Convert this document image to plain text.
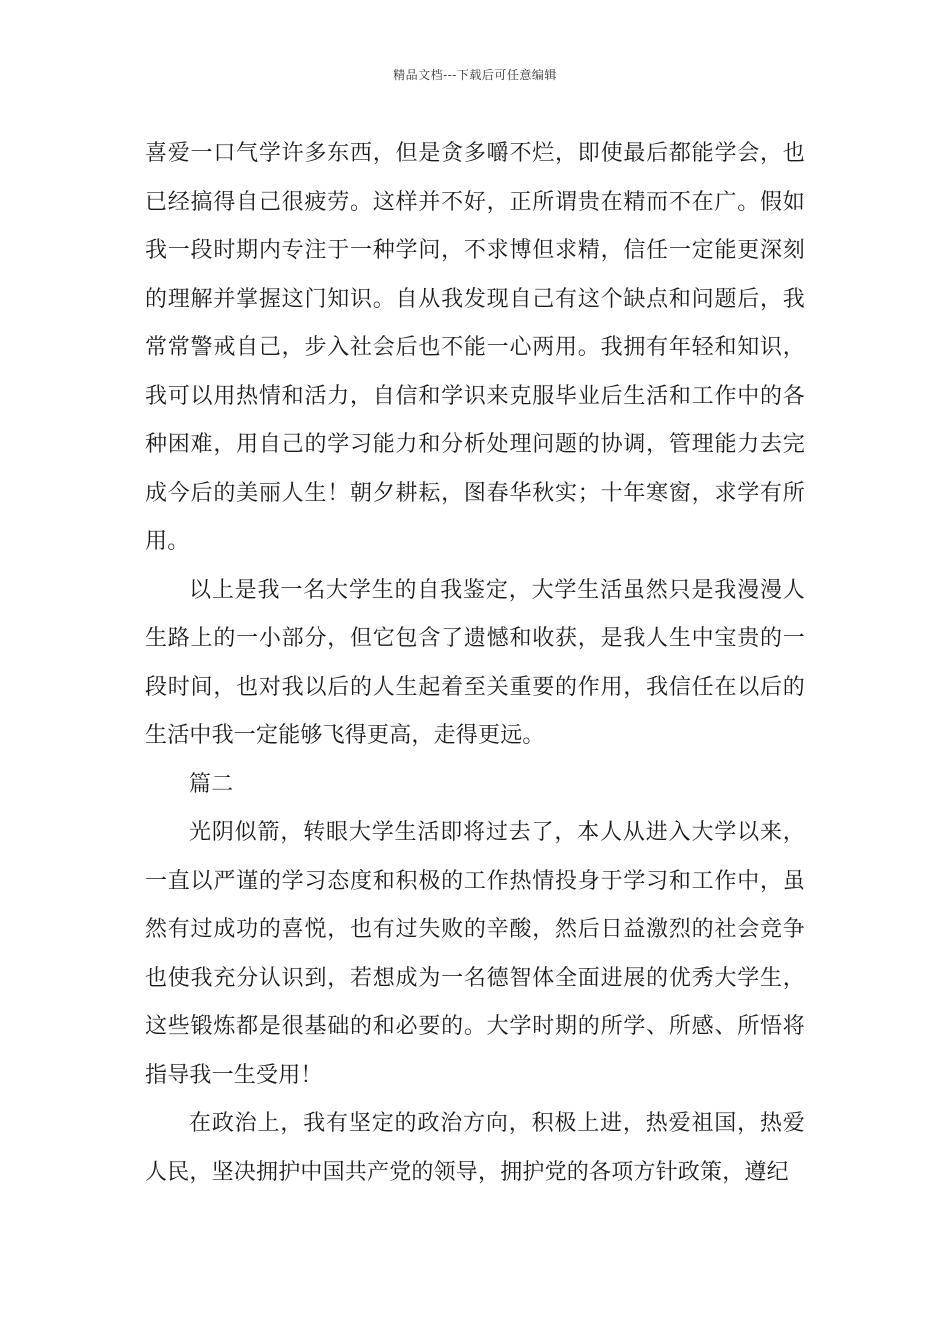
精品文档---下载后可任意编辑

喜爱一口气学许多东西，但是贪多嚼不烂，即使最后都能学会，也已经搞得自己很疲劳。这样并不好，正所谓贵在精而不在广。假如我一段时期内专注于一种学问，不求博但求精，信任一定能更深刻的理解并掌握这门知识。自从我发现自己有这个缺点和问题后，我常常警戒自己，步入社会后也不能一心两用。我拥有年轻和知识，我可以用热情和活力，自信和学识来克服毕业后生活和工作中的各种困难，用自己的学习能力和分析处理问题的协调，管理能力去完成今后的美丽人生！朝夕耕耘，图春华秋实；十年寒窗，求学有所用。

以上是我一名大学生的自我鉴定，大学生活虽然只是我漫漫人生路上的一小部分，但它包含了遗憾和收获，是我人生中宝贵的一段时间，也对我以后的人生起着至关重要的作用，我信任在以后的生活中我一定能够飞得更高，走得更远。

篇二

光阴似箭，转眼大学生活即将过去了，本人从进入大学以来，一直以严谨的学习态度和积极的工作热情投身于学习和工作中，虽然有过成功的喜悦，也有过失败的辛酸，然后日益激烈的社会竞争也使我充分认识到，若想成为一名德智体全面进展的优秀大学生，这些锻炼都是很基础的和必要的。大学时期的所学、所感、所悟将指导我一生受用！

在政治上，我有坚定的政治方向，积极上进，热爱祖国，热爱人民，坚决拥护中国共产党的领导，拥护党的各项方针政策，遵纪
